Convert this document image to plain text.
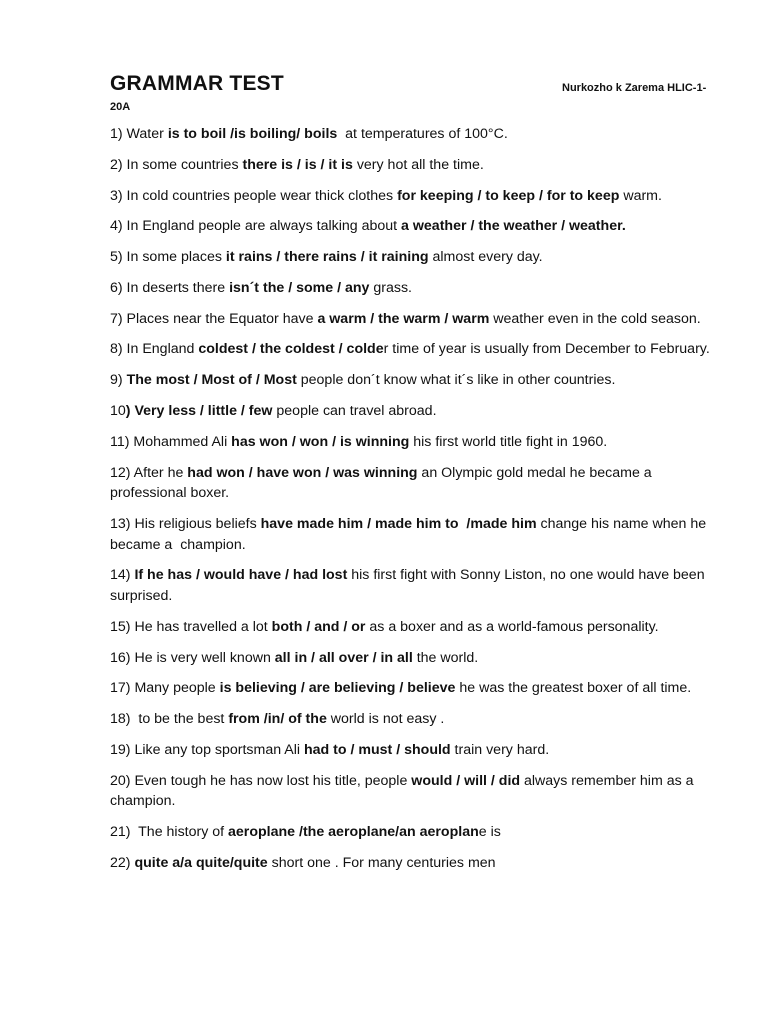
GRAMMAR TEST	Nurkozho k Zarema HLIC-1-
20A

1) Water is to boil /is boiling/ boils  at temperatures of 100°C.

2) In some countries there is / is / it is very hot all the time.

3) In cold countries people wear thick clothes for keeping / to keep / for to keep warm.

4) In England people are always talking about a weather / the weather / weather.

5) In some places it rains / there rains / it raining almost every day.

6) In deserts there isn´t the / some / any grass.

7) Places near the Equator have a warm / the warm / warm weather even in the cold season.

8) In England coldest / the coldest / colder time of year is usually from December to February.

9) The most / Most of / Most people don´t know what it´s like in other countries.

10) Very less / little / few people can travel abroad.

11) Mohammed Ali has won / won / is winning his first world title fight in 1960.

12) After he had won / have won / was winning an Olympic gold medal he became a professional boxer.

13) His religious beliefs have made him / made him to  /made him change his name when he became a  champion.

14) If he has / would have / had lost his first fight with Sonny Liston, no one would have been surprised.

15) He has travelled a lot both / and / or as a boxer and as a world-famous personality.

16) He is very well known all in / all over / in all the world.

17) Many people is believing / are believing / believe he was the greatest boxer of all time.

18)  to be the best from /in/ of the world is not easy .

19) Like any top sportsman Ali had to / must / should train very hard.

20) Even tough he has now lost his title, people would / will / did always remember him as a champion.

21)  The history of aeroplane /the aeroplane/an aeroplane is

22) quite a/a quite/quite short one . For many centuries men
